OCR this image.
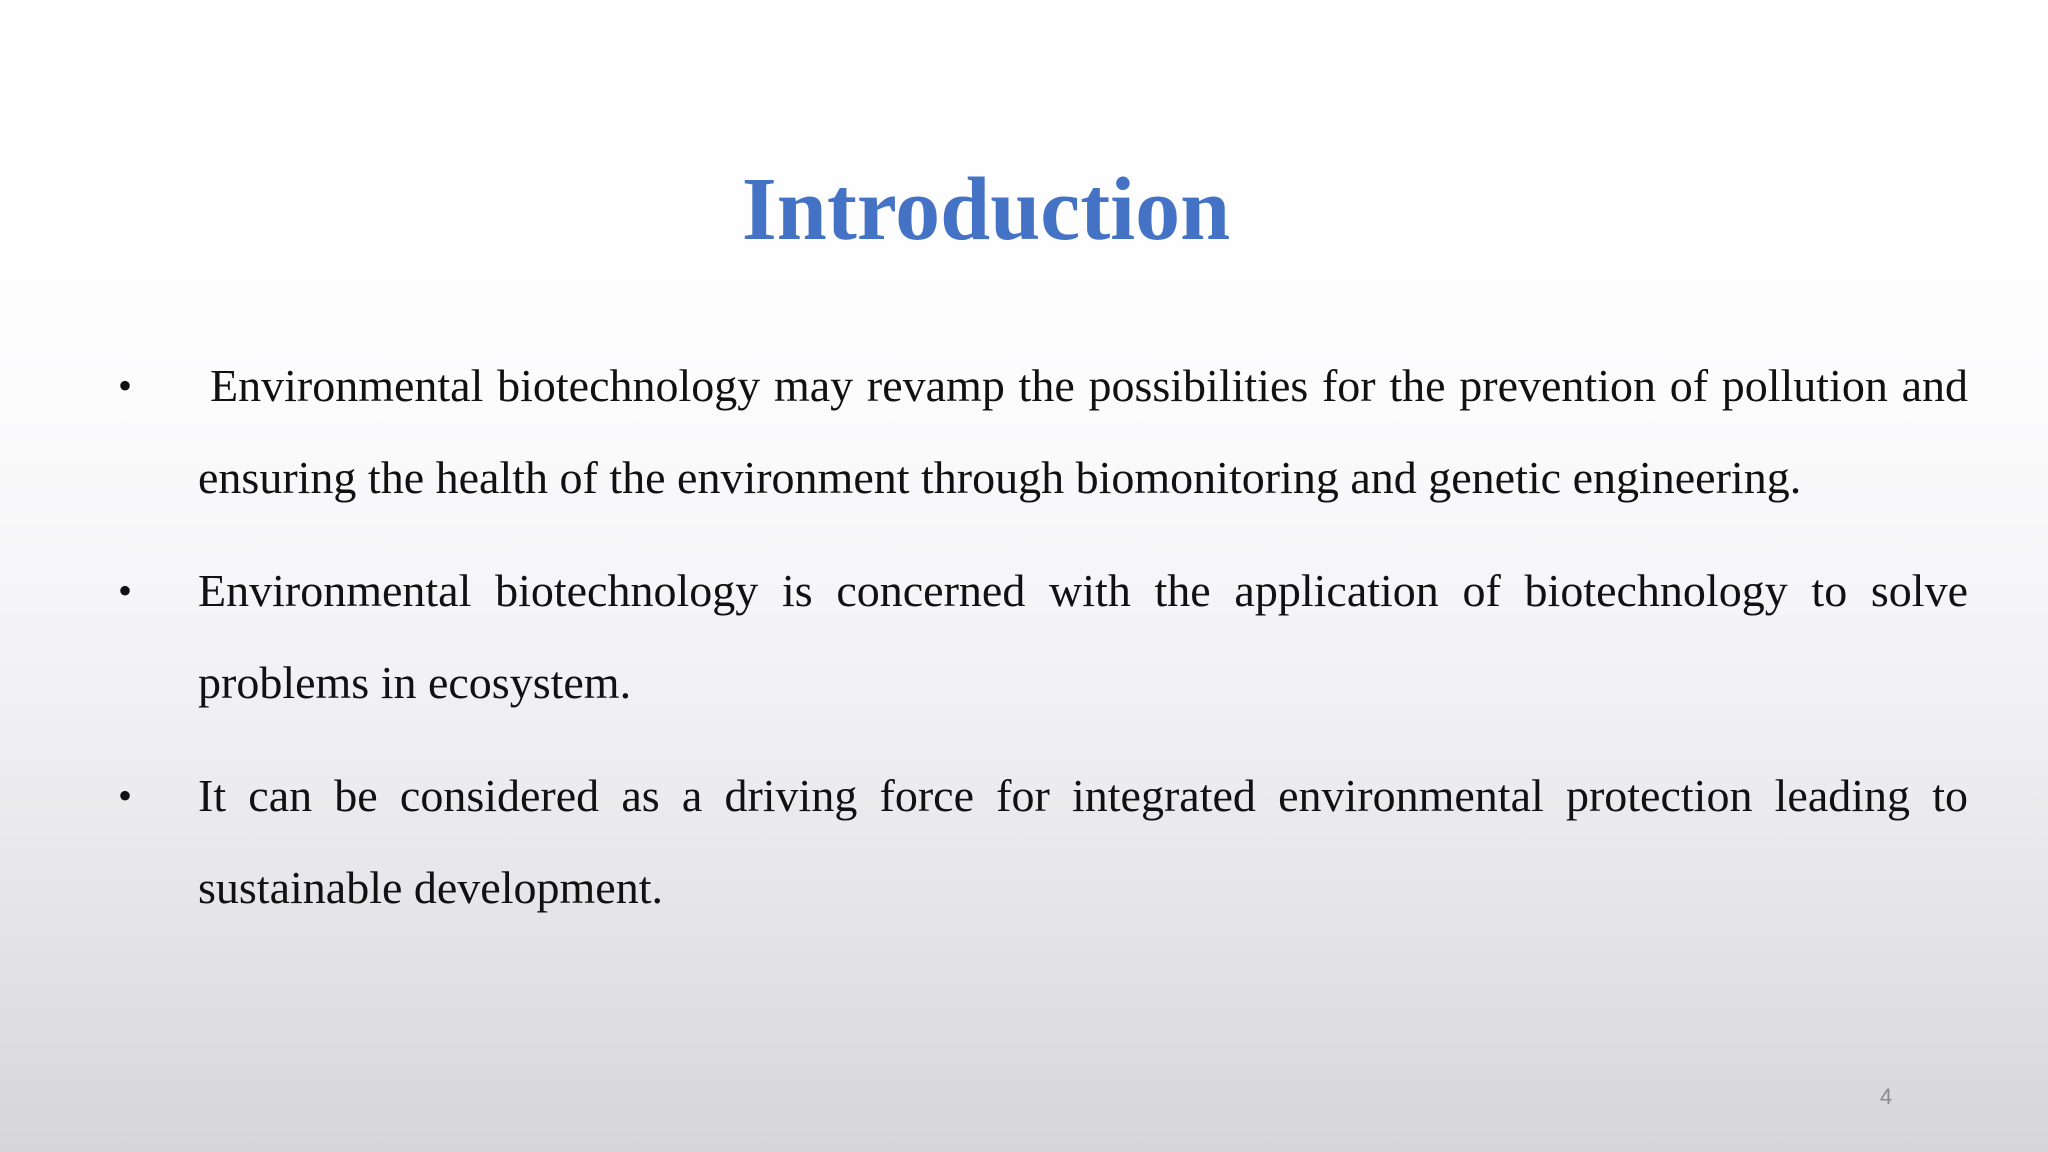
Introduction
•	Environmental biotechnology may revamp the possibilities for the prevention of pollution and ensuring the health of the environment through biomonitoring and genetic engineering.
•	Environmental biotechnology is concerned with the application of biotechnology to solve problems in ecosystem.
•	It can be considered as a driving force for integrated environmental protection leading to sustainable development.
4
